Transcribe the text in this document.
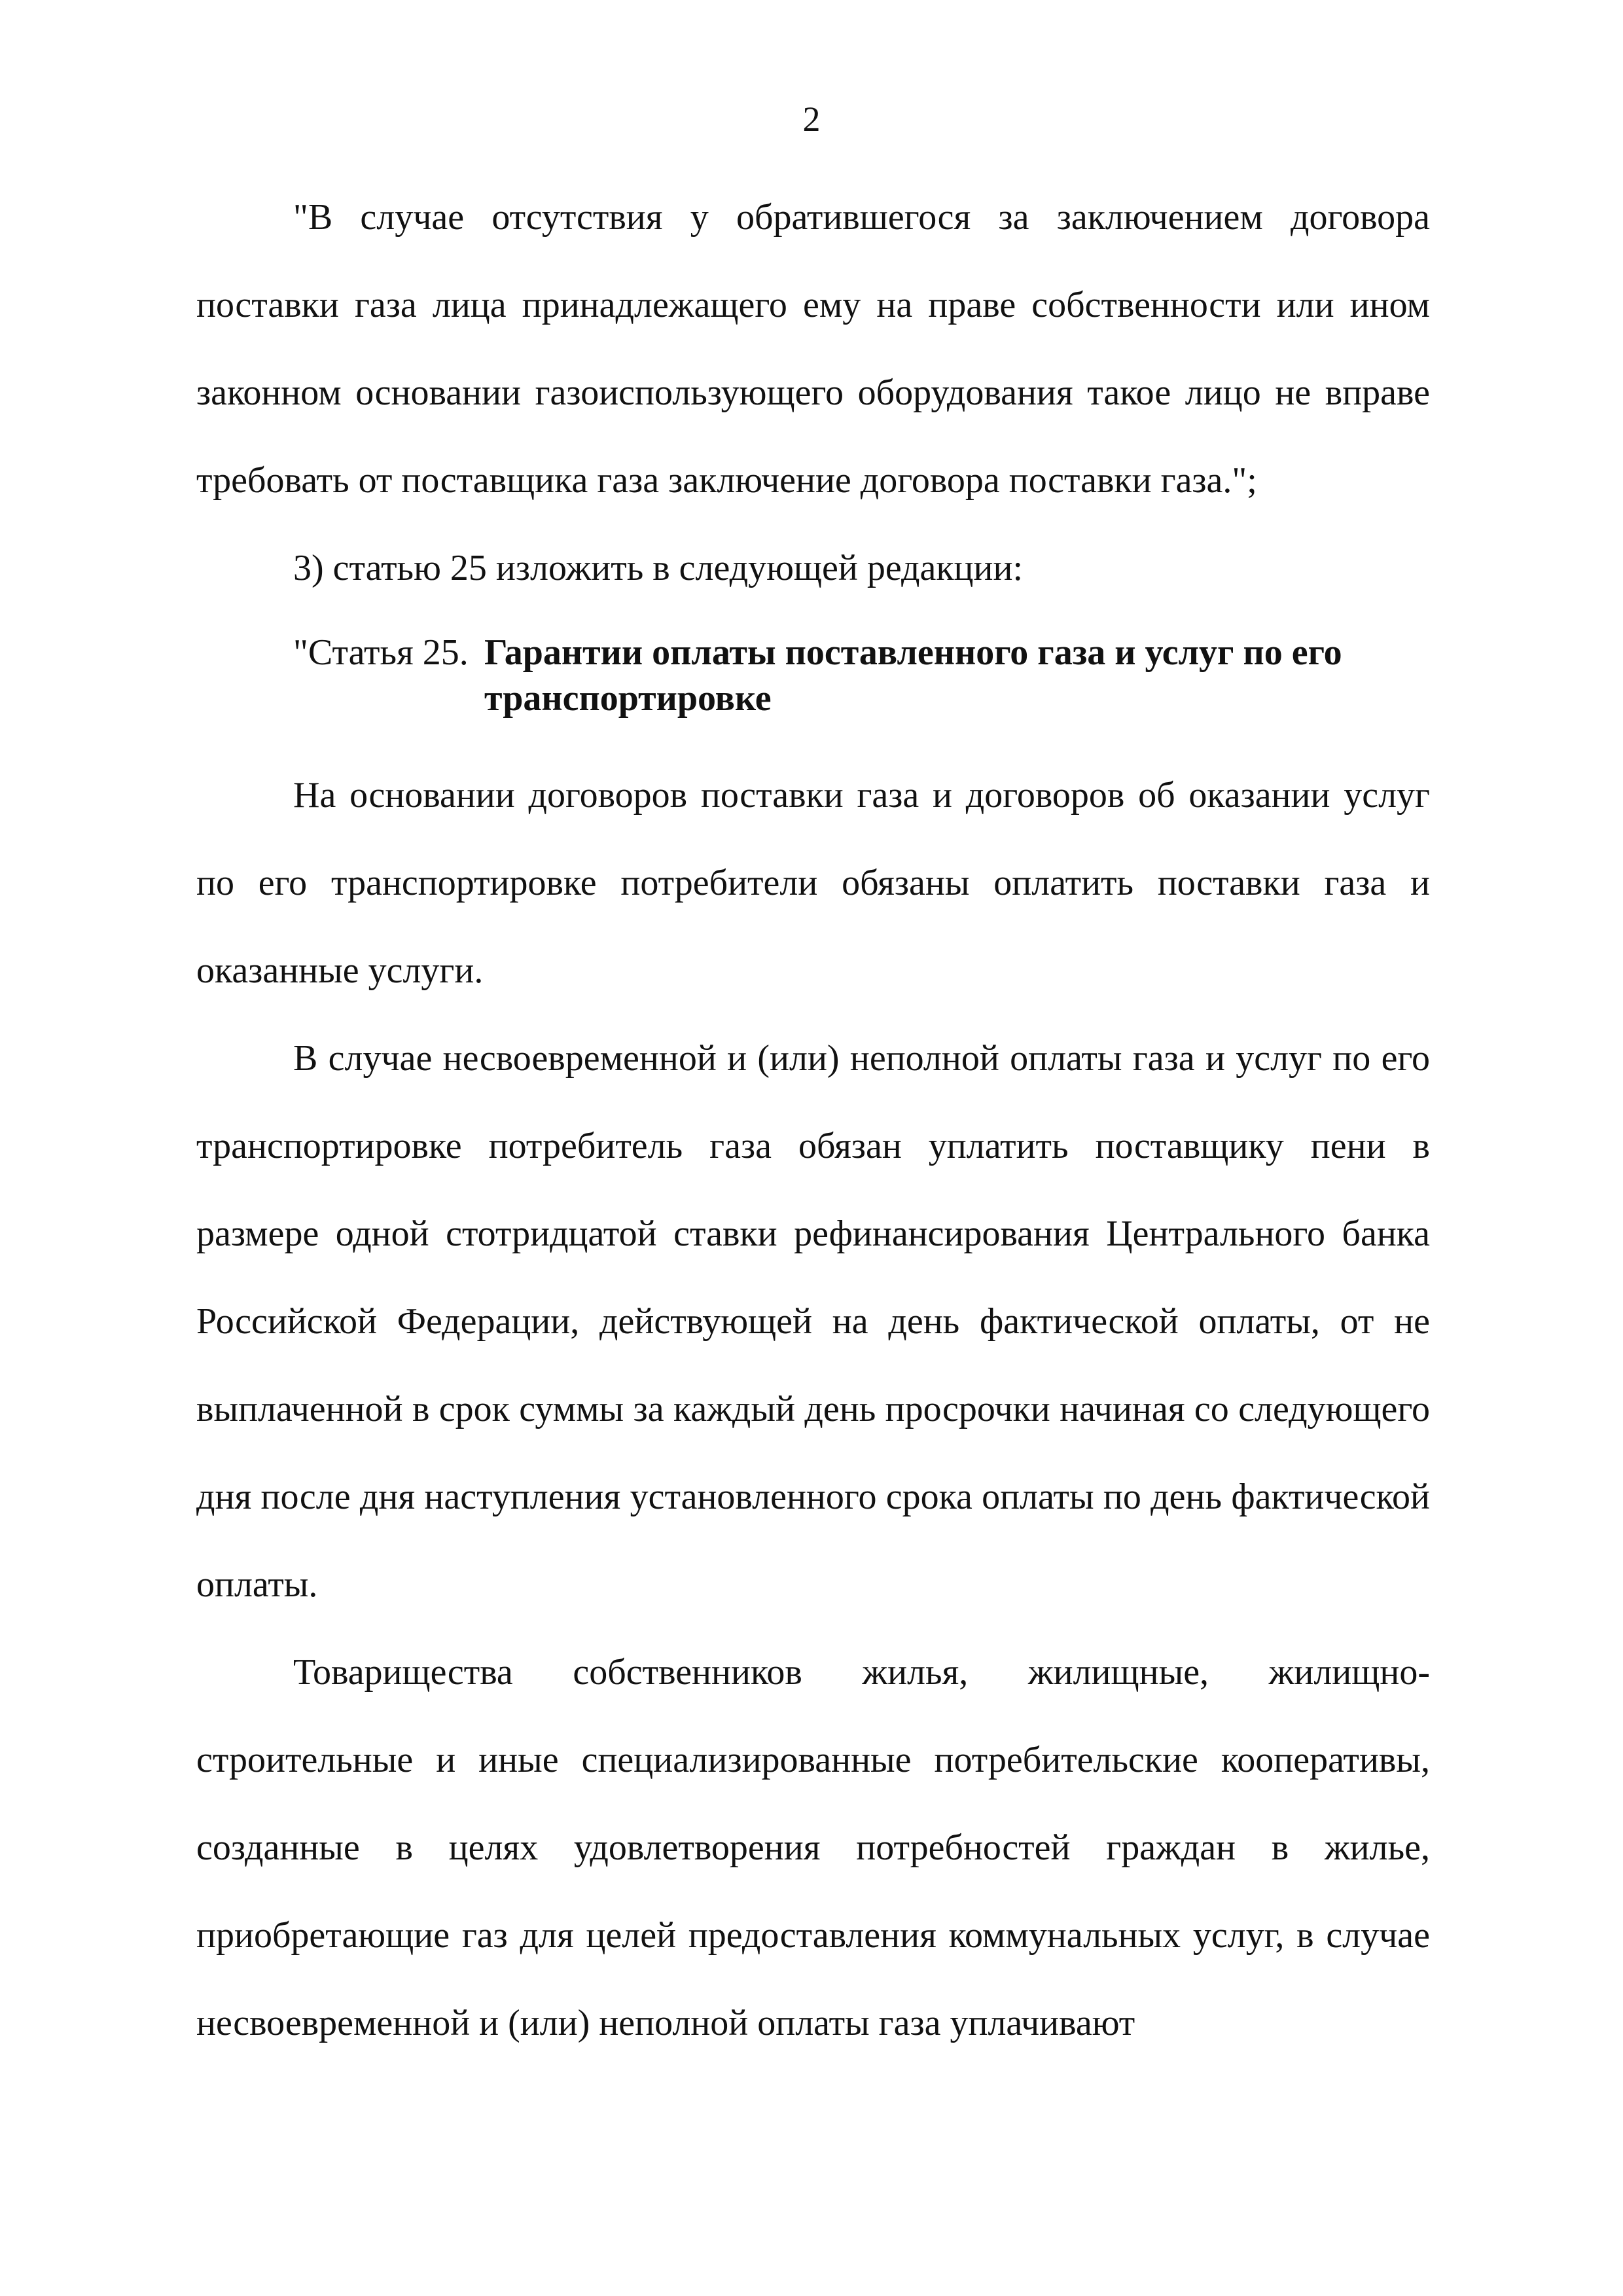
2

"В случае отсутствия у обратившегося за заключением договора поставки газа лица принадлежащего ему на праве собственности или ином законном основании газоиспользующего оборудования такое лицо не вправе требовать от поставщика газа заключение договора поставки газа.";

3) статью 25 изложить в следующей редакции:

"Статья 25. Гарантии оплаты поставленного газа и услуг по его транспортировке

На основании договоров поставки газа и договоров об оказании услуг по его транспортировке потребители обязаны оплатить поставки газа и оказанные услуги.

В случае несвоевременной и (или) неполной оплаты газа и услуг по его транспортировке потребитель газа обязан уплатить поставщику пени в размере одной стотридцатой ставки рефинансирования Центрального банка Российской Федерации, действующей на день фактической оплаты, от не выплаченной в срок суммы за каждый день просрочки начиная со следующего дня после дня наступления установленного срока оплаты по день фактической оплаты.

Товарищества собственников жилья, жилищные, жилищно-строительные и иные специализированные потребительские кооперативы, созданные в целях удовлетворения потребностей граждан в жилье, приобретающие газ для целей предоставления коммунальных услуг, в случае несвоевременной и (или) неполной оплаты газа уплачивают
